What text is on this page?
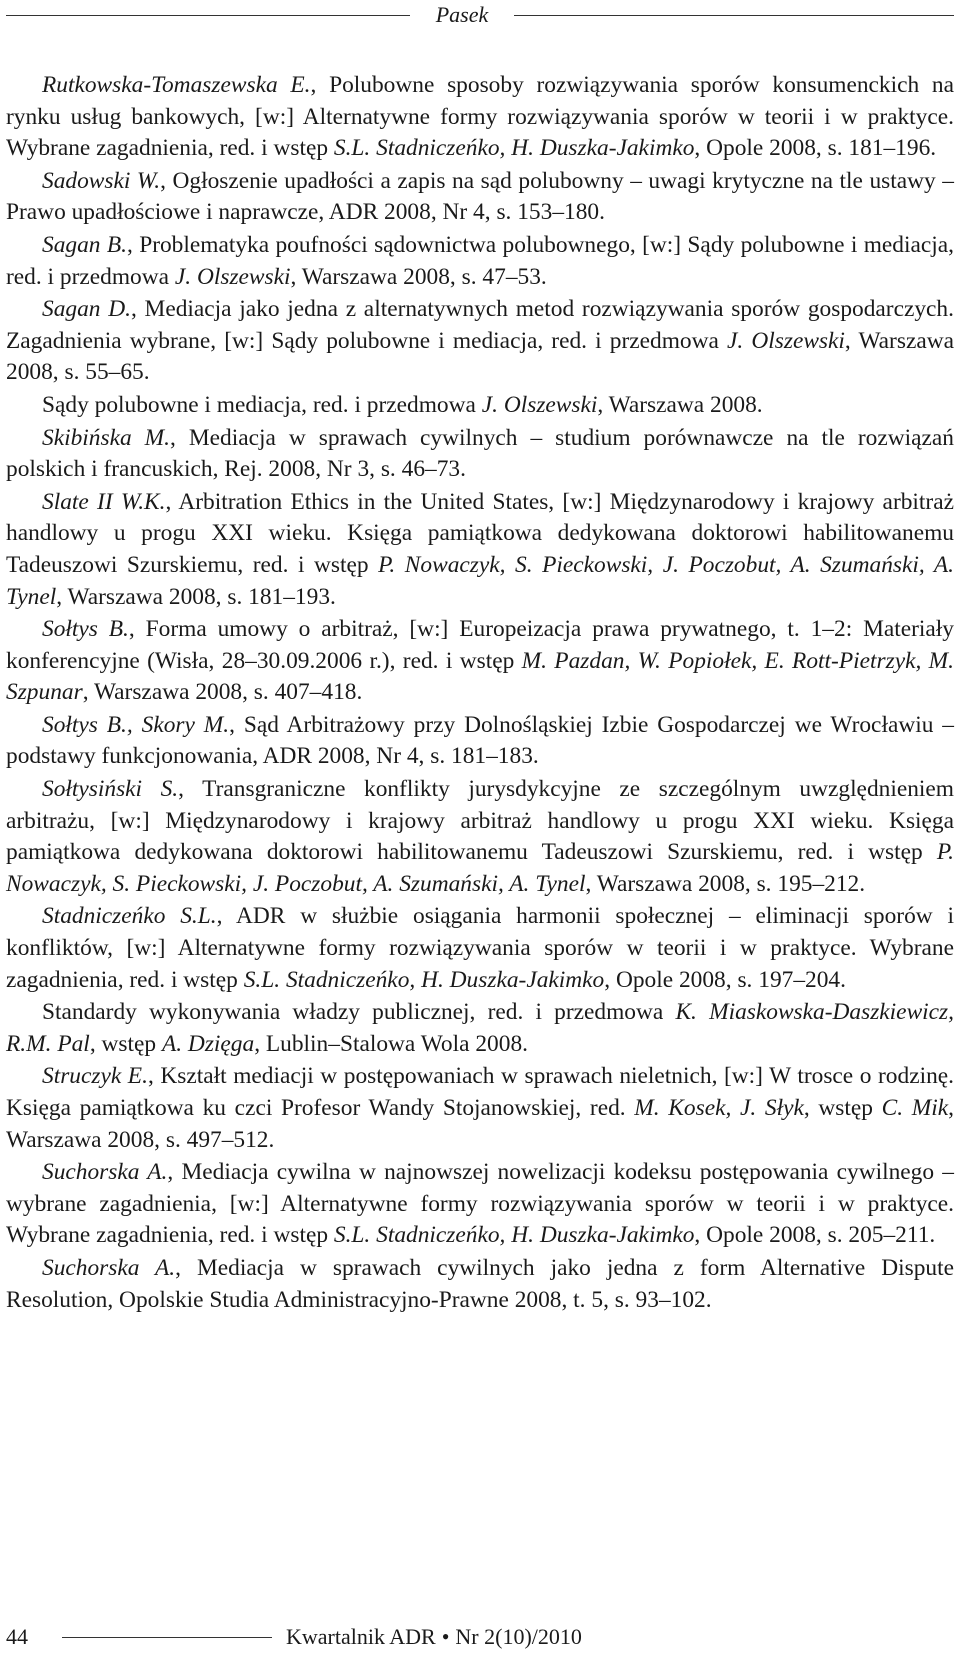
Pasek

Rutkowska-Tomaszewska E., Polubowne sposoby rozwiązywania sporów konsumenckich na rynku usług bankowych, [w:] Alternatywne formy rozwiązywania sporów w teorii i w praktyce. Wybrane zagadnienia, red. i wstęp S.L. Stadniczeńko, H. Duszka-Jakimko, Opole 2008, s. 181–196.

Sadowski W., Ogłoszenie upadłości a zapis na sąd polubowny – uwagi krytyczne na tle ustawy – Prawo upadłościowe i naprawcze, ADR 2008, Nr 4, s. 153–180.

Sagan B., Problematyka poufności sądownictwa polubownego, [w:] Sądy polubowne i mediacja, red. i przedmowa J. Olszewski, Warszawa 2008, s. 47–53.

Sagan D., Mediacja jako jedna z alternatywnych metod rozwiązywania sporów gospodarczych. Zagadnienia wybrane, [w:] Sądy polubowne i mediacja, red. i przedmowa J. Olszewski, Warszawa 2008, s. 55–65.

Sądy polubowne i mediacja, red. i przedmowa J. Olszewski, Warszawa 2008.

Skibińska M., Mediacja w sprawach cywilnych – studium porównawcze na tle rozwiązań polskich i francuskich, Rej. 2008, Nr 3, s. 46–73.

Slate II W.K., Arbitration Ethics in the United States, [w:] Międzynarodowy i krajowy arbitraż handlowy u progu XXI wieku. Księga pamiątkowa dedykowana doktorowi habilitowanemu Tadeuszowi Szurskiemu, red. i wstęp P. Nowaczyk, S. Pieckowski, J. Poczobut, A. Szumański, A. Tynel, Warszawa 2008, s. 181–193.

Sołtys B., Forma umowy o arbitraż, [w:] Europeizacja prawa prywatnego, t. 1–2: Materiały konferencyjne (Wisła, 28–30.09.2006 r.), red. i wstęp M. Pazdan, W. Popiołek, E. Rott-Pietrzyk, M. Szpunar, Warszawa 2008, s. 407–418.

Sołtys B., Skory M., Sąd Arbitrażowy przy Dolnośląskiej Izbie Gospodarczej we Wrocławiu – podstawy funkcjonowania, ADR 2008, Nr 4, s. 181–183.

Sołtysiński S., Transgraniczne konflikty jurysdykcyjne ze szczególnym uwzględnieniem arbitrażu, [w:] Międzynarodowy i krajowy arbitraż handlowy u progu XXI wieku. Księga pamiątkowa dedykowana doktorowi habilitowanemu Tadeuszowi Szurskiemu, red. i wstęp P. Nowaczyk, S. Pieckowski, J. Poczobut, A. Szumański, A. Tynel, Warszawa 2008, s. 195–212.

Stadniczeńko S.L., ADR w służbie osiągania harmonii społecznej – eliminacji sporów i konfliktów, [w:] Alternatywne formy rozwiązywania sporów w teorii i w praktyce. Wybrane zagadnienia, red. i wstęp S.L. Stadniczeńko, H. Duszka-Jakimko, Opole 2008, s. 197–204.

Standardy wykonywania władzy publicznej, red. i przedmowa K. Miaskowska-Daszkiewicz, R.M. Pal, wstęp A. Dzięga, Lublin–Stalowa Wola 2008.

Struczyk E., Kształt mediacji w postępowaniach w sprawach nieletnich, [w:] W trosce o rodzinę. Księga pamiątkowa ku czci Profesor Wandy Stojanowskiej, red. M. Kosek, J. Słyk, wstęp C. Mik, Warszawa 2008, s. 497–512.

Suchorska A., Mediacja cywilna w najnowszej nowelizacji kodeksu postępowania cywilnego – wybrane zagadnienia, [w:] Alternatywne formy rozwiązywania sporów w teorii i w praktyce. Wybrane zagadnienia, red. i wstęp S.L. Stadniczeńko, H. Duszka-Jakimko, Opole 2008, s. 205–211.

Suchorska A., Mediacja w sprawach cywilnych jako jedna z form Alternative Dispute Resolution, Opolskie Studia Administracyjno-Prawne 2008, t. 5, s. 93–102.

44	Kwartalnik ADR • Nr 2(10)/2010
